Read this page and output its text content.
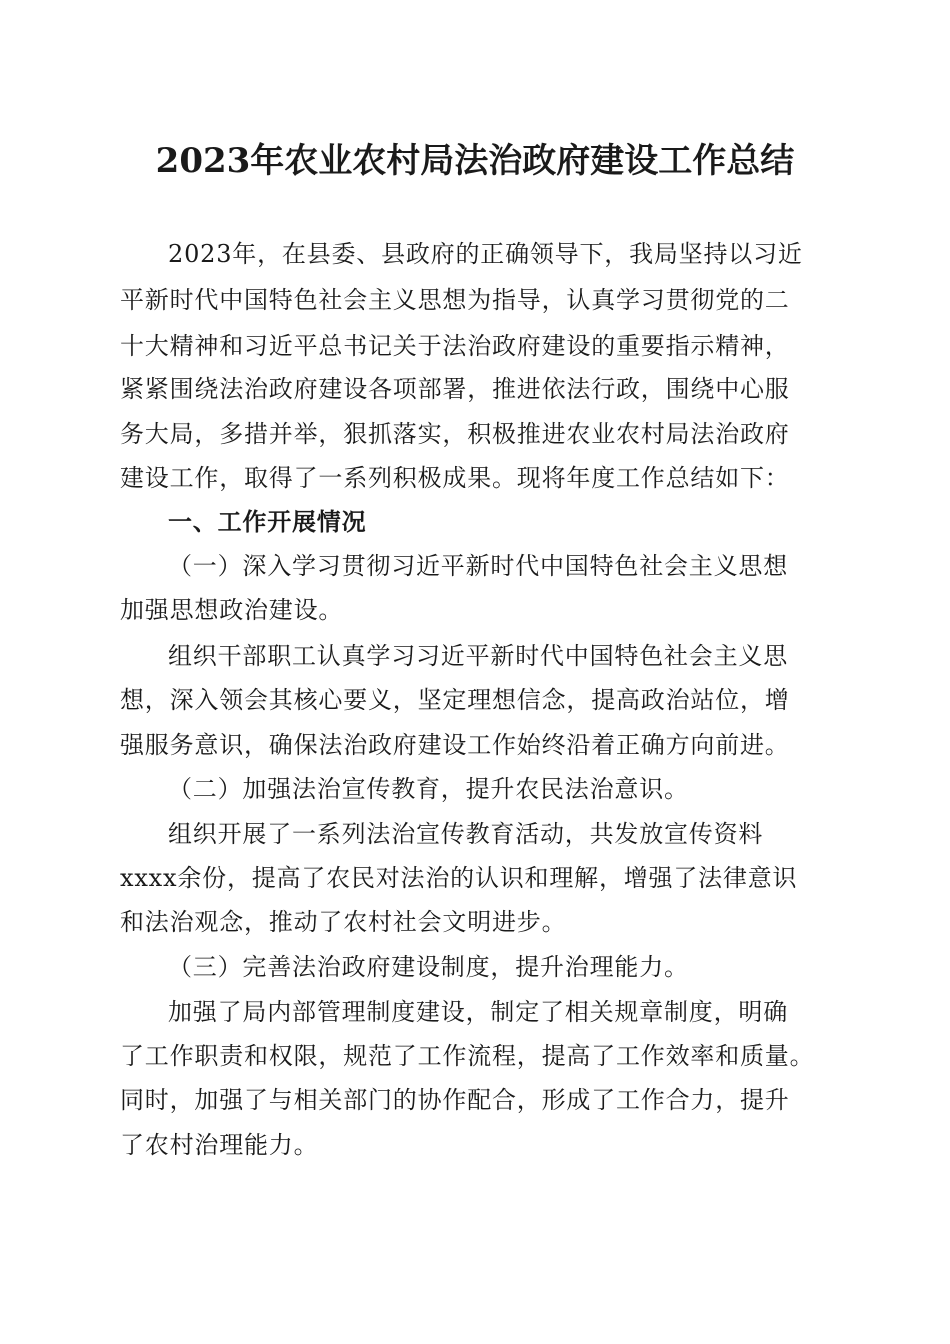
2023年农业农村局法治政府建设工作总结
2023年，在县委、县政府的正确领导下，我局坚持以习近
平新时代中国特色社会主义思想为指导，认真学习贯彻党的二
十大精神和习近平总书记关于法治政府建设的重要指示精神，
紧紧围绕法治政府建设各项部署，推进依法行政，围绕中心服
务大局，多措并举，狠抓落实，积极推进农业农村局法治政府
建设工作，取得了一系列积极成果。现将年度工作总结如下：
一、工作开展情况
（一）深入学习贯彻习近平新时代中国特色社会主义思想
加强思想政治建设。
组织干部职工认真学习习近平新时代中国特色社会主义思
想，深入领会其核心要义，坚定理想信念，提高政治站位，增
强服务意识，确保法治政府建设工作始终沿着正确方向前进。
（二）加强法治宣传教育，提升农民法治意识。
组织开展了一系列法治宣传教育活动，共发放宣传资料
xxxx余份，提高了农民对法治的认识和理解，增强了法律意识
和法治观念，推动了农村社会文明进步。
（三）完善法治政府建设制度，提升治理能力。
加强了局内部管理制度建设，制定了相关规章制度，明确
了工作职责和权限，规范了工作流程，提高了工作效率和质量。
同时，加强了与相关部门的协作配合，形成了工作合力，提升
了农村治理能力。
